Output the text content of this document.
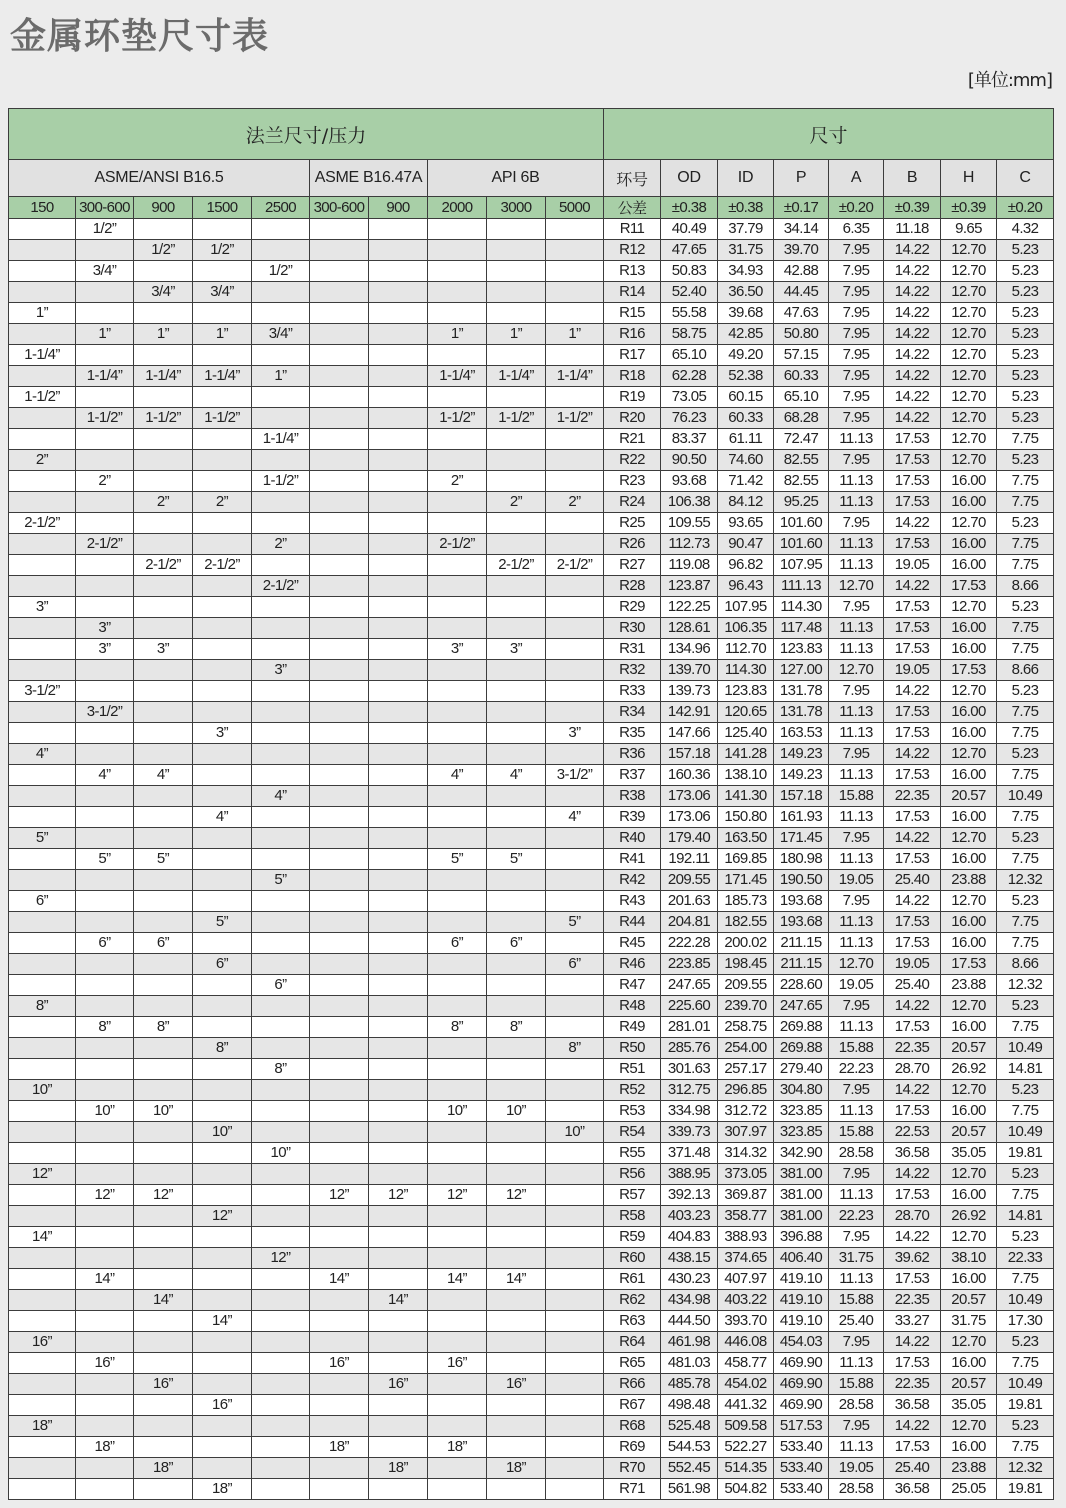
金属环垫尺寸表
[单位:mm]
法兰尺寸/压力										尺寸							
ASME/ANSI B16.5					ASME B16.47A		API 6B			环号	OD	ID	P	A	B	H	C
150	300-600	900	1500	2500	300-600	900	2000	3000	5000	公差	±0.38	±0.38	±0.17	±0.20	±0.39	±0.39	±0.20
	1/2”									R11	40.49	37.79	34.14	6.35	11.18	9.65	4.32
		1/2”	1/2”							R12	47.65	31.75	39.70	7.95	14.22	12.70	5.23
	3/4”			1/2”						R13	50.83	34.93	42.88	7.95	14.22	12.70	5.23
		3/4”	3/4”							R14	52.40	36.50	44.45	7.95	14.22	12.70	5.23
1”										R15	55.58	39.68	47.63	7.95	14.22	12.70	5.23
	1”	1”	1”	3/4”			1”	1”	1”	R16	58.75	42.85	50.80	7.95	14.22	12.70	5.23
1-1/4”										R17	65.10	49.20	57.15	7.95	14.22	12.70	5.23
	1-1/4”	1-1/4”	1-1/4”	1”			1-1/4”	1-1/4”	1-1/4”	R18	62.28	52.38	60.33	7.95	14.22	12.70	5.23
1-1/2”										R19	73.05	60.15	65.10	7.95	14.22	12.70	5.23
	1-1/2”	1-1/2”	1-1/2”				1-1/2”	1-1/2”	1-1/2”	R20	76.23	60.33	68.28	7.95	14.22	12.70	5.23
				1-1/4”						R21	83.37	61.11	72.47	11.13	17.53	12.70	7.75
2”										R22	90.50	74.60	82.55	7.95	17.53	12.70	5.23
	2”			1-1/2”			2”			R23	93.68	71.42	82.55	11.13	17.53	16.00	7.75
		2”	2”					2”	2”	R24	106.38	84.12	95.25	11.13	17.53	16.00	7.75
2-1/2”										R25	109.55	93.65	101.60	7.95	14.22	12.70	5.23
	2-1/2”			2”			2-1/2”			R26	112.73	90.47	101.60	11.13	17.53	16.00	7.75
		2-1/2”	2-1/2”					2-1/2”	2-1/2”	R27	119.08	96.82	107.95	11.13	19.05	16.00	7.75
				2-1/2”						R28	123.87	96.43	111.13	12.70	14.22	17.53	8.66
3”										R29	122.25	107.95	114.30	7.95	17.53	12.70	5.23
	3”									R30	128.61	106.35	117.48	11.13	17.53	16.00	7.75
	3”	3”					3”	3”		R31	134.96	112.70	123.83	11.13	17.53	16.00	7.75
				3”						R32	139.70	114.30	127.00	12.70	19.05	17.53	8.66
3-1/2”										R33	139.73	123.83	131.78	7.95	14.22	12.70	5.23
	3-1/2”									R34	142.91	120.65	131.78	11.13	17.53	16.00	7.75
			3”						3”	R35	147.66	125.40	163.53	11.13	17.53	16.00	7.75
4”										R36	157.18	141.28	149.23	7.95	14.22	12.70	5.23
	4”	4”					4”	4”	3-1/2”	R37	160.36	138.10	149.23	11.13	17.53	16.00	7.75
				4”						R38	173.06	141.30	157.18	15.88	22.35	20.57	10.49
			4”						4”	R39	173.06	150.80	161.93	11.13	17.53	16.00	7.75
5”										R40	179.40	163.50	171.45	7.95	14.22	12.70	5.23
	5”	5”					5”	5”		R41	192.11	169.85	180.98	11.13	17.53	16.00	7.75
				5”						R42	209.55	171.45	190.50	19.05	25.40	23.88	12.32
6”										R43	201.63	185.73	193.68	7.95	14.22	12.70	5.23
			5”						5”	R44	204.81	182.55	193.68	11.13	17.53	16.00	7.75
	6”	6”					6”	6”		R45	222.28	200.02	211.15	11.13	17.53	16.00	7.75
			6”						6”	R46	223.85	198.45	211.15	12.70	19.05	17.53	8.66
				6”						R47	247.65	209.55	228.60	19.05	25.40	23.88	12.32
8”										R48	225.60	239.70	247.65	7.95	14.22	12.70	5.23
	8”	8”					8”	8”		R49	281.01	258.75	269.88	11.13	17.53	16.00	7.75
			8”						8”	R50	285.76	254.00	269.88	15.88	22.35	20.57	10.49
				8”						R51	301.63	257.17	279.40	22.23	28.70	26.92	14.81
10”										R52	312.75	296.85	304.80	7.95	14.22	12.70	5.23
	10”	10”					10”	10”		R53	334.98	312.72	323.85	11.13	17.53	16.00	7.75
			10”						10”	R54	339.73	307.97	323.85	15.88	22.53	20.57	10.49
				10”						R55	371.48	314.32	342.90	28.58	36.58	35.05	19.81
12”										R56	388.95	373.05	381.00	7.95	14.22	12.70	5.23
	12”	12”			12”	12”	12”	12”		R57	392.13	369.87	381.00	11.13	17.53	16.00	7.75
			12”							R58	403.23	358.77	381.00	22.23	28.70	26.92	14.81
14”										R59	404.83	388.93	396.88	7.95	14.22	12.70	5.23
				12”						R60	438.15	374.65	406.40	31.75	39.62	38.10	22.33
	14”				14”		14”	14”		R61	430.23	407.97	419.10	11.13	17.53	16.00	7.75
		14”				14”				R62	434.98	403.22	419.10	15.88	22.35	20.57	10.49
			14”							R63	444.50	393.70	419.10	25.40	33.27	31.75	17.30
16”										R64	461.98	446.08	454.03	7.95	14.22	12.70	5.23
	16”				16”		16”			R65	481.03	458.77	469.90	11.13	17.53	16.00	7.75
		16”				16”		16”		R66	485.78	454.02	469.90	15.88	22.35	20.57	10.49
			16”							R67	498.48	441.32	469.90	28.58	36.58	35.05	19.81
18”										R68	525.48	509.58	517.53	7.95	14.22	12.70	5.23
	18”				18”		18”			R69	544.53	522.27	533.40	11.13	17.53	16.00	7.75
		18”				18”		18”		R70	552.45	514.35	533.40	19.05	25.40	23.88	12.32
			18”							R71	561.98	504.82	533.40	28.58	36.58	25.05	19.81
